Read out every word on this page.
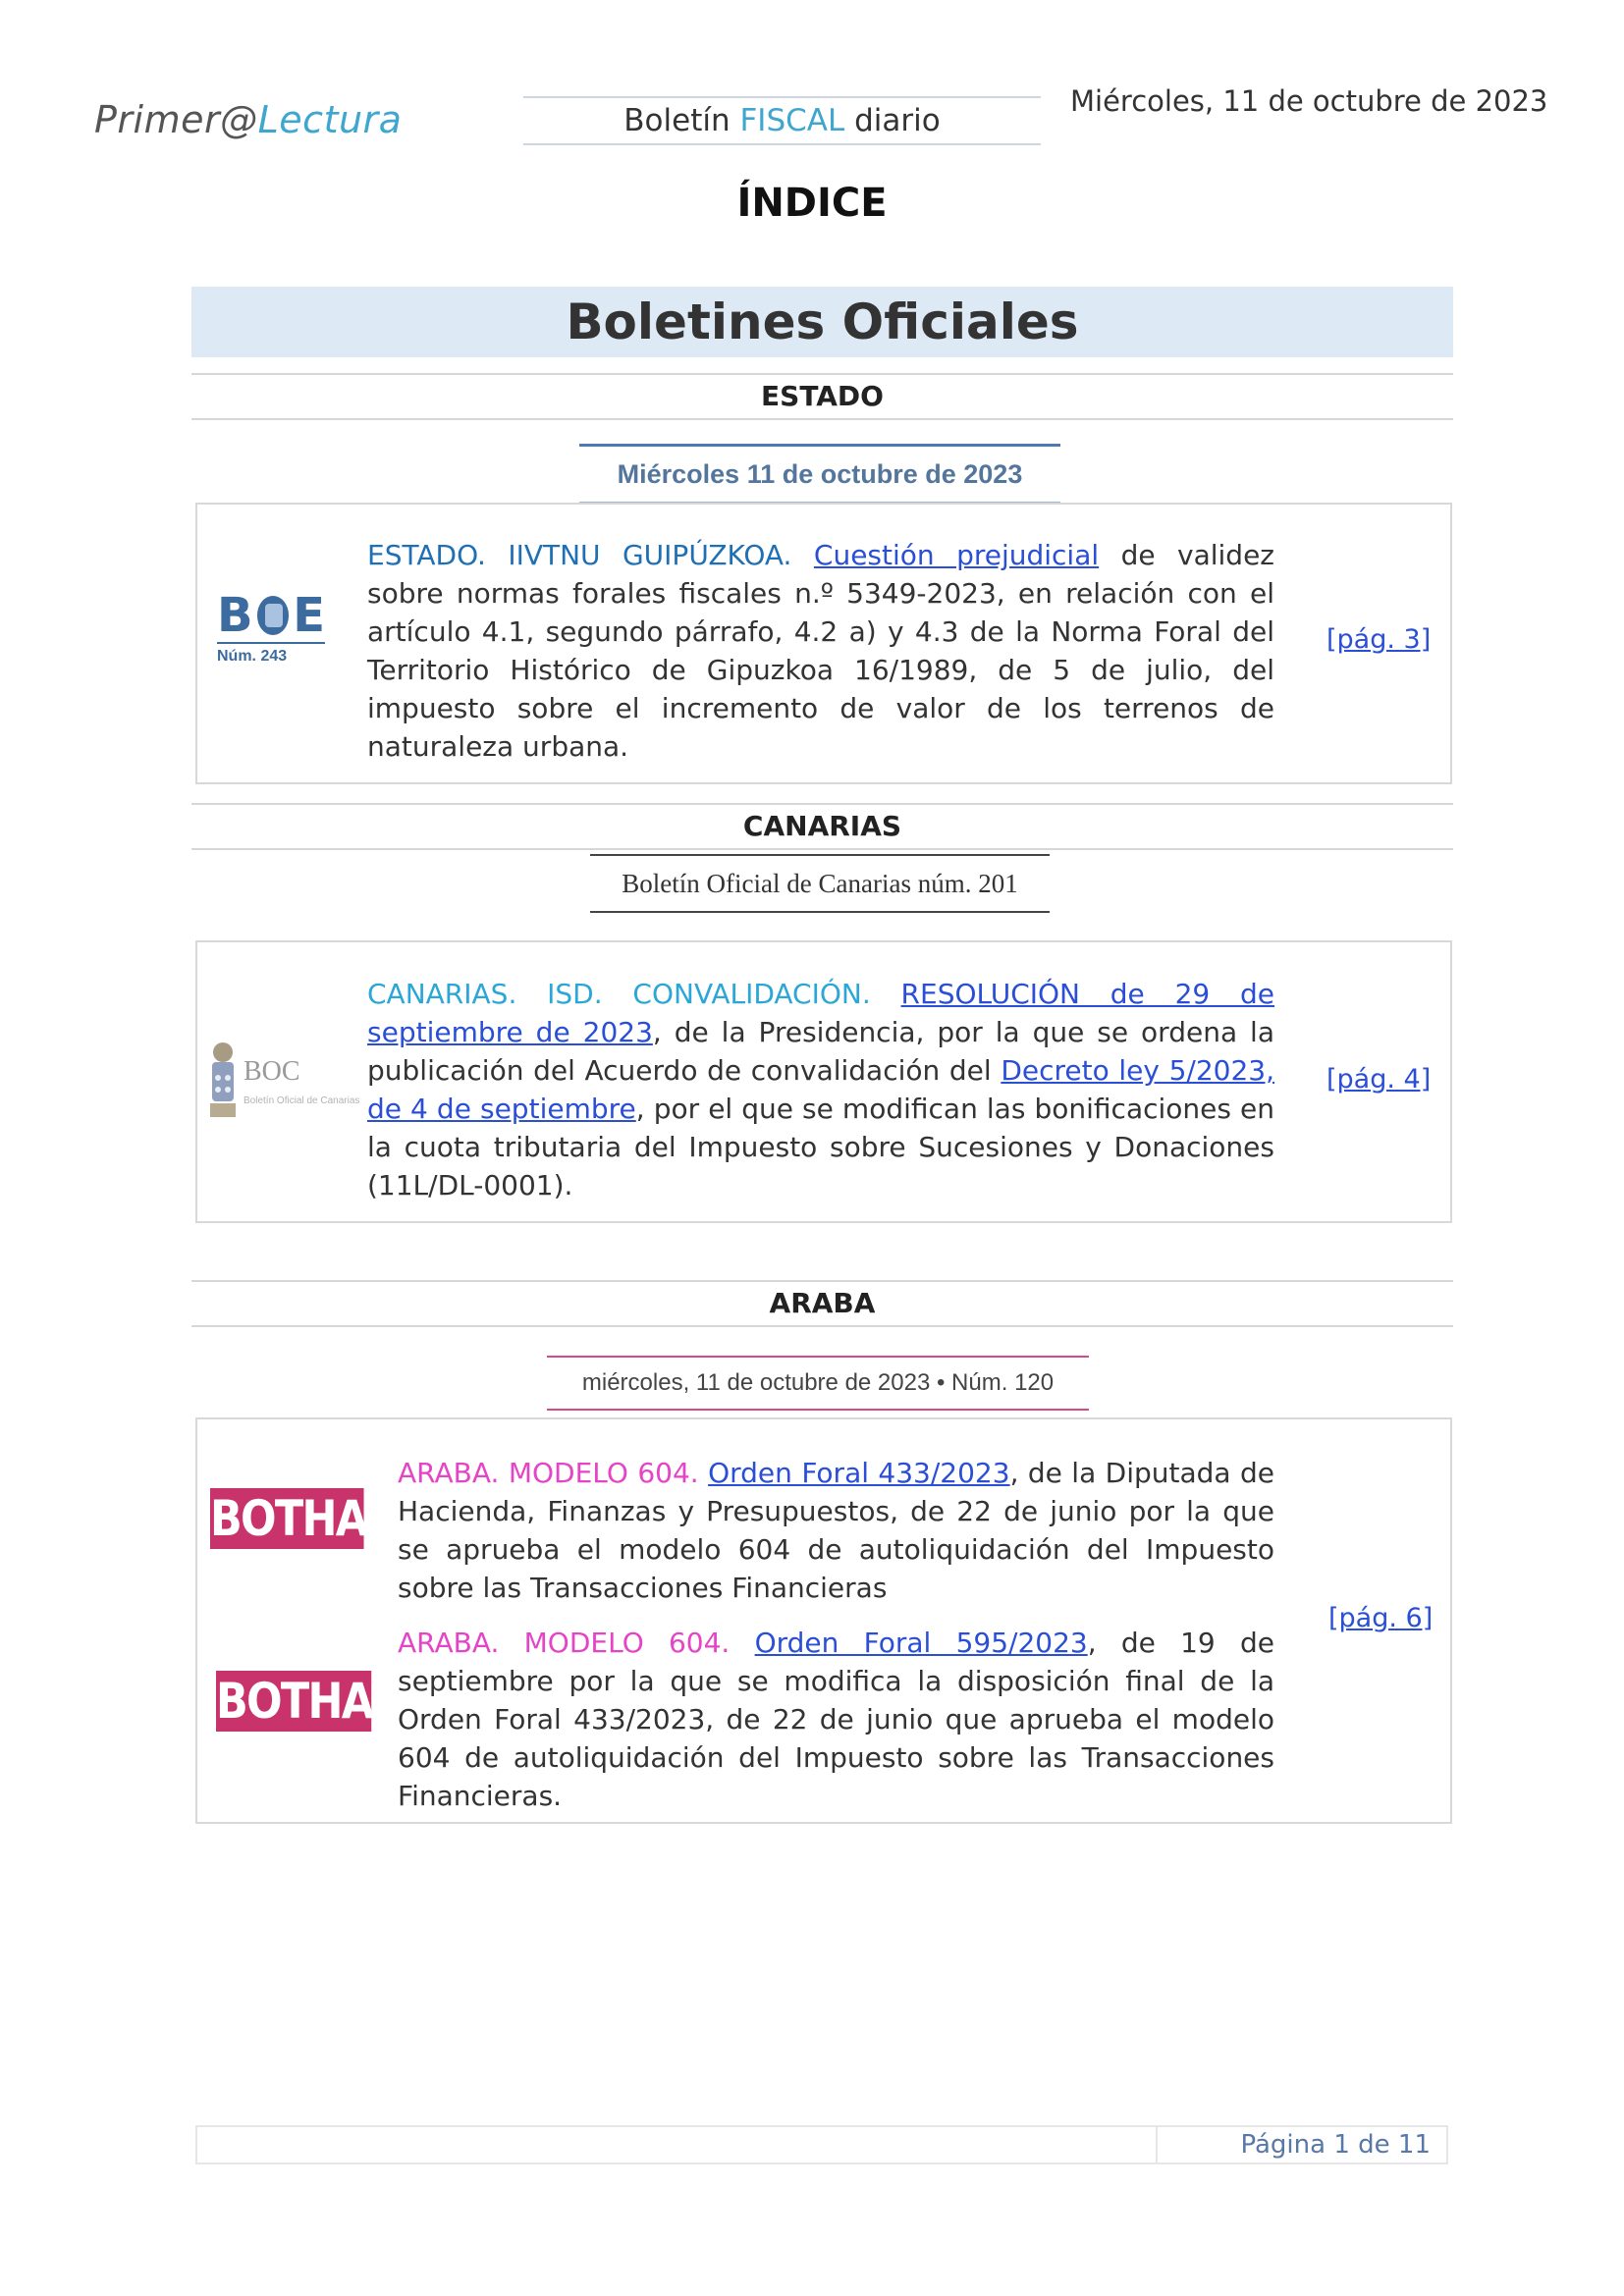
Primer@Lectura	Boletín FISCAL diario
Miércoles, 11 de octubre de 2023
ÍNDICE
Boletines Oficiales
ESTADO
Miércoles 11 de octubre de 2023
B E
Núm. 243
ESTADO. IIVTNU GUIPÚZKOA. Cuestión prejudicial de validez sobre normas forales fiscales n.º 5349-2023, en relación con el artículo 4.1, segundo párrafo, 4.2 a) y 4.3 de la Norma Foral del Territorio Histórico de Gipuzkoa 16/1989, de 5 de julio, del impuesto sobre el incremento de valor de los terrenos de naturaleza urbana.
[pág. 3]
CANARIAS
Boletín Oficial de Canarias núm. 201
BOC
Boletín Oficial de Canarias
CANARIAS. ISD. CONVALIDACIÓN. RESOLUCIÓN de 29 de septiembre de 2023, de la Presidencia, por la que se ordena la publicación del Acuerdo de convalidación del Decreto ley 5/2023, de 4 de septiembre, por el que se modifican las bonificaciones en la cuota tributaria del Impuesto sobre Sucesiones y Donaciones (11L/DL-0001).
[pág. 4]
ARABA
miércoles, 11 de octubre de 2023 • Núm. 120
BOTHA
BOTHA
ARABA. MODELO 604. Orden Foral 433/2023, de la Diputada de Hacienda, Finanzas y Presupuestos, de 22 de junio por la que se aprueba el modelo 604 de autoliquidación del Impuesto sobre las Transacciones Financieras
ARABA. MODELO 604. Orden Foral 595/2023, de 19 de septiembre por la que se modifica la disposición final de la Orden Foral 433/2023, de 22 de junio que aprueba el modelo 604 de autoliquidación del Impuesto sobre las Transacciones Financieras.
[pág. 6]
Página 1 de 11
